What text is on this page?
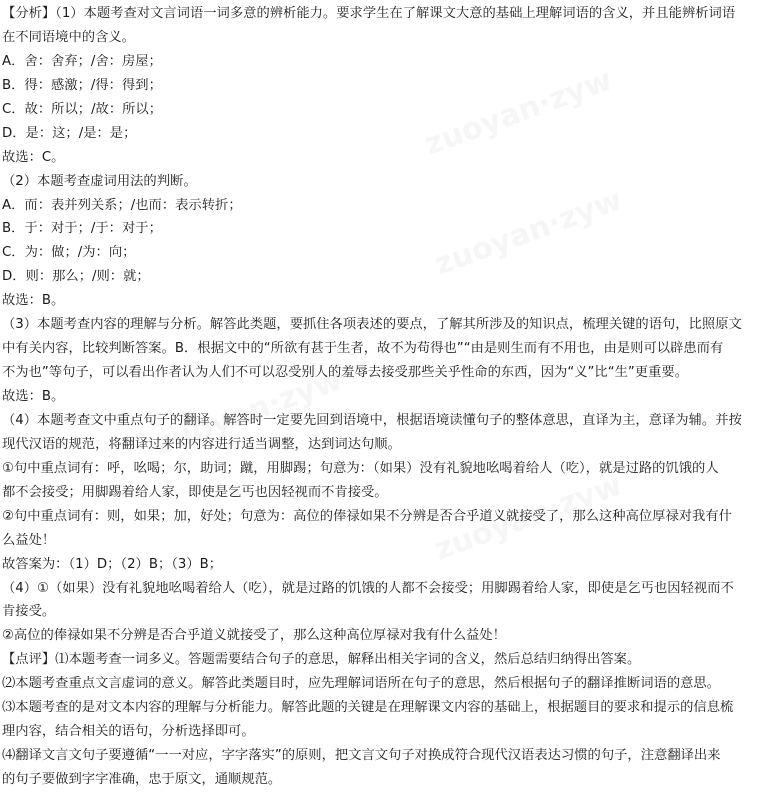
【分析】（1）本题考查对文言词语一词多意的辨析能力。要求学生在了解课文大意的基础上理解词语的含义，并且能辨析词语
在不同语境中的含义。
A．舍：舍弃；/舍：房屋；
B．得：感激；/得：得到；
C．故：所以；/故：所以；
D．是：这；/是：是；
故选：C。
（2）本题考查虚词用法的判断。
A．而：表并列关系；/也而：表示转折；
B．于：对于；/于：对于；
C．为：做；/为：向；
D．则：那么；/则：就；
故选：B。
（3）本题考查内容的理解与分析。解答此类题，要抓住各项表述的要点，了解其所涉及的知识点，梳理关键的语句，比照原文
中有关内容，比较判断答案。B．根据文中的“所欲有甚于生者，故不为苟得也”“由是则生而有不用也，由是则可以辟患而有
不为也”等句子，可以看出作者认为人们不可以忍受别人的羞辱去接受那些关乎性命的东西，因为“义”比“生”更重要。
故选：B。
（4）本题考查文中重点句子的翻译。解答时一定要先回到语境中，根据语境读懂句子的整体意思，直译为主，意译为辅。并按
现代汉语的规范，将翻译过来的内容进行适当调整，达到词达句顺。
①句中重点词有：呼，吆喝；尔，助词；蹴，用脚踢；句意为：（如果）没有礼貌地吆喝着给人（吃），就是过路的饥饿的人
都不会接受；用脚踢着给人家，即使是乞丐也因轻视而不肯接受。
②句中重点词有：则，如果；加，好处；句意为：高位的俸禄如果不分辨是否合乎道义就接受了，那么这种高位厚禄对我有什
么益处！
故答案为：（1）D；（2）B；（3）B；
（4）①（如果）没有礼貌地吆喝着给人（吃），就是过路的饥饿的人都不会接受；用脚踢着给人家，即使是乞丐也因轻视而不
肯接受。
②高位的俸禄如果不分辨是否合乎道义就接受了，那么这种高位厚禄对我有什么益处！
【点评】⑴本题考查一词多义。答题需要结合句子的意思，解释出相关字词的含义，然后总结归纳得出答案。
⑵本题考查重点文言虚词的意义。解答此类题目时，应先理解词语所在句子的意思，然后根据句子的翻译推断词语的意思。
⑶本题考查的是对文本内容的理解与分析能力。解答此题的关键是在理解课文内容的基础上，根据题目的要求和提示的信息梳
理内容，结合相关的语句，分析选择即可。
⑷翻译文言文句子要遵循“一一对应，字字落实”的原则，把文言文句子对换成符合现代汉语表达习惯的句子，注意翻译出来
的句子要做到字字准确，忠于原文，通顺规范。
